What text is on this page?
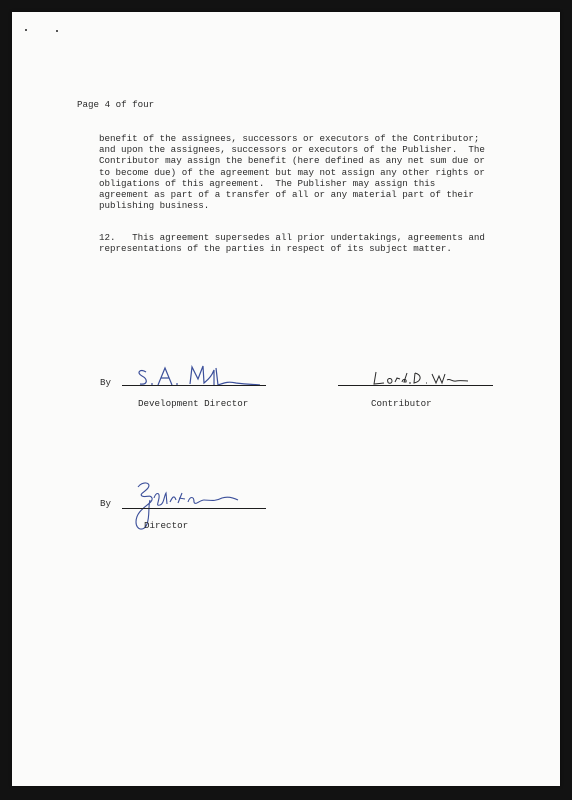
Page 4 of four
benefit of the assignees, successors or executors of the Contributor;
and upon the assignees, successors or executors of the Publisher.  The
Contributor may assign the benefit (here defined as any net sum due or
to become due) of the agreement but may not assign any other rights or
obligations of this agreement.  The Publisher may assign this
agreement as part of a transfer of all or any material part of their
publishing business.
12.   This agreement supersedes all prior undertakings, agreements and
representations of the parties in respect of its subject matter.
By
Development Director	Contributor
By
Director
